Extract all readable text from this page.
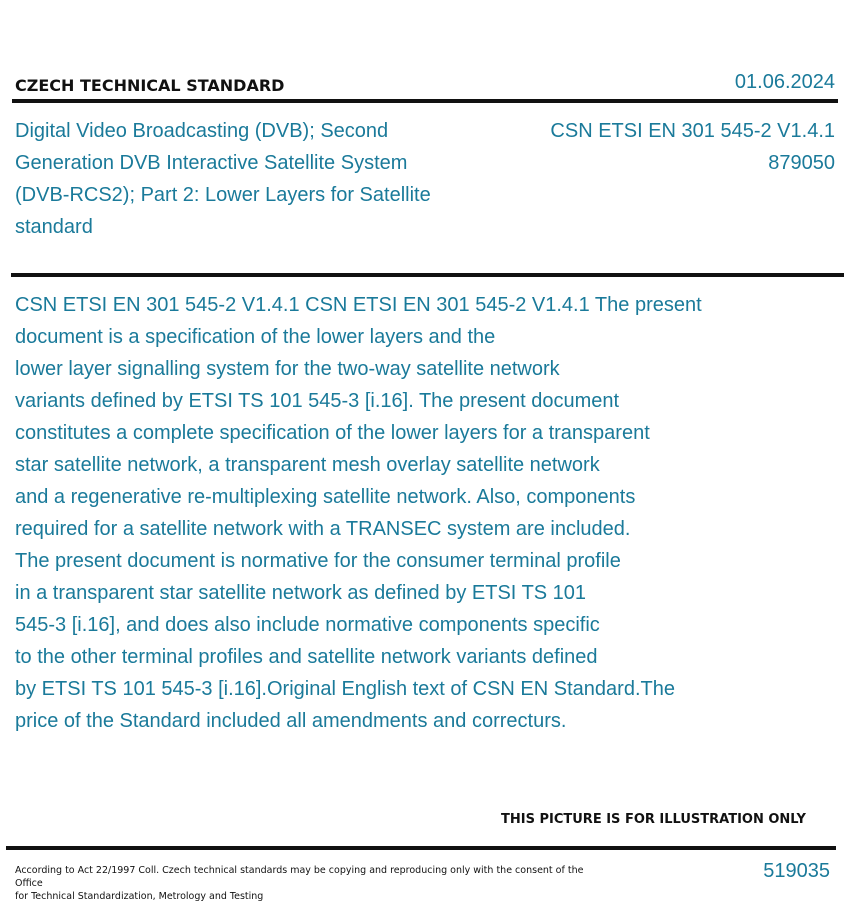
CZECH TECHNICAL STANDARD	01.06.2024
Digital Video Broadcasting (DVB); Second Generation DVB Interactive Satellite System (DVB-RCS2); Part 2: Lower Layers for Satellite standard
CSN ETSI EN 301 545-2 V1.4.1
879050
CSN ETSI EN 301 545-2 V1.4.1 CSN ETSI EN 301 545-2 V1.4.1 The present document is a specification of the lower layers and the
lower layer signalling system for the two-way satellite network
variants defined by ETSI TS 101 545-3 [i.16]. The present document
constitutes a complete specification of the lower layers for a transparent
star satellite network, a transparent mesh overlay satellite network
and a regenerative re-multiplexing satellite network. Also, components
required for a satellite network with a TRANSEC system are included.
The present document is normative for the consumer terminal profile
in a transparent star satellite network as defined by ETSI TS 101
545-3 [i.16], and does also include normative components specific
to the other terminal profiles and satellite network variants defined
by ETSI TS 101 545-3 [i.16].Original English text of CSN EN Standard.The
price of the Standard included all amendments and correcturs.
THIS PICTURE IS FOR ILLUSTRATION ONLY
According to Act 22/1997 Coll. Czech technical standards may be copying and reproducing only with the consent of the Office
for Technical Standardization, Metrology and Testing
519035
